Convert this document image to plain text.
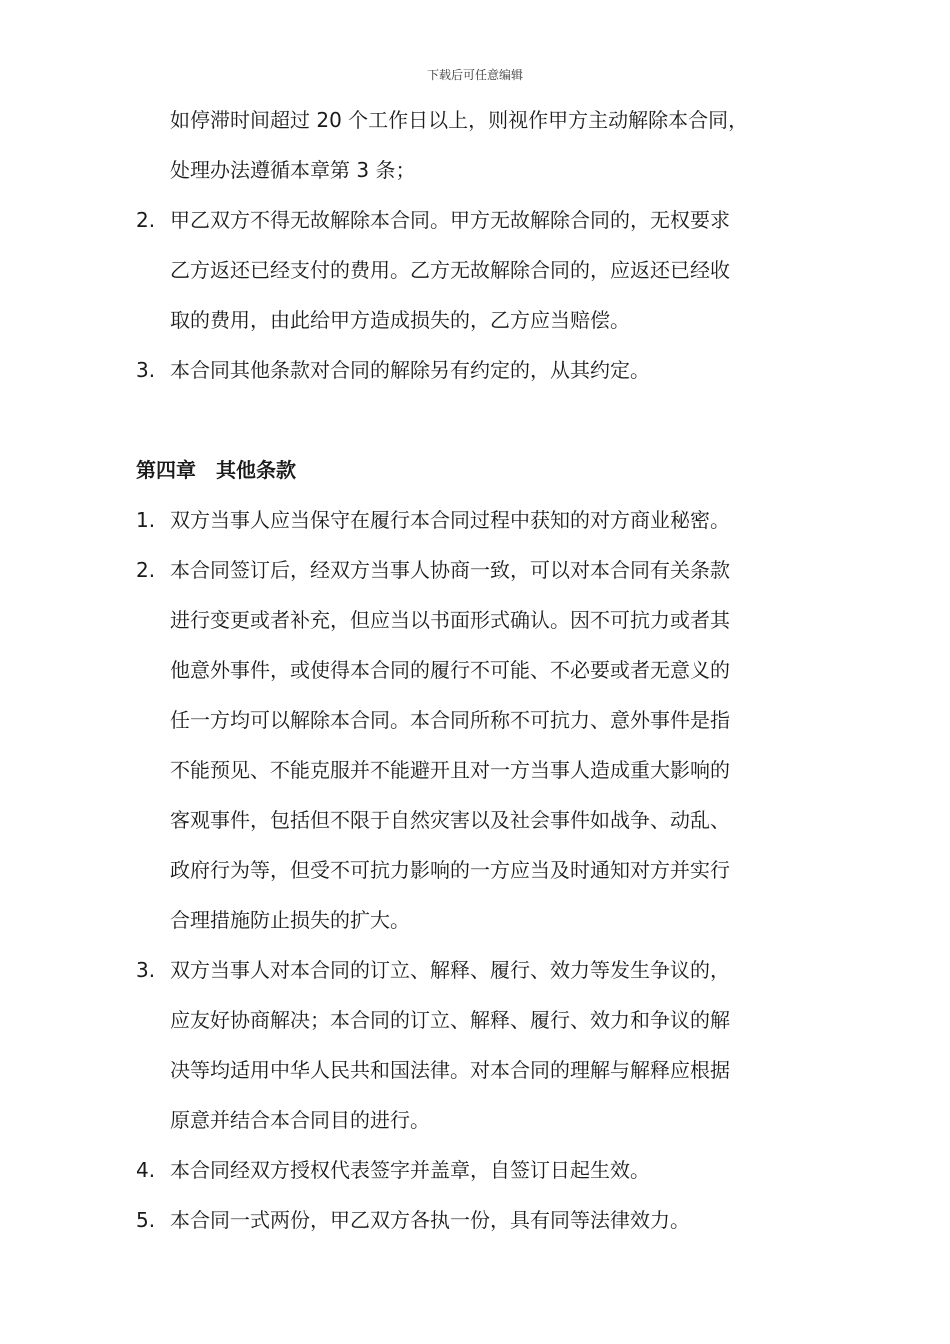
下载后可任意编辑
如停滞时间超过 20 个工作日以上，则视作甲方主动解除本合同，
处理办法遵循本章第 3 条；
2. 甲乙双方不得无故解除本合同。甲方无故解除合同的，无权要求
乙方返还已经支付的费用。乙方无故解除合同的，应返还已经收
取的费用，由此给甲方造成损失的，乙方应当赔偿。
3. 本合同其他条款对合同的解除另有约定的，从其约定。
第四章　其他条款
1. 双方当事人应当保守在履行本合同过程中获知的对方商业秘密。
2. 本合同签订后，经双方当事人协商一致，可以对本合同有关条款
进行变更或者补充，但应当以书面形式确认。因不可抗力或者其
他意外事件，或使得本合同的履行不可能、不必要或者无意义的
任一方均可以解除本合同。本合同所称不可抗力、意外事件是指
不能预见、不能克服并不能避开且对一方当事人造成重大影响的
客观事件，包括但不限于自然灾害以及社会事件如战争、动乱、
政府行为等，但受不可抗力影响的一方应当及时通知对方并实行
合理措施防止损失的扩大。
3. 双方当事人对本合同的订立、解释、履行、效力等发生争议的，
应友好协商解决；本合同的订立、解释、履行、效力和争议的解
决等均适用中华人民共和国法律。对本合同的理解与解释应根据
原意并结合本合同目的进行。
4. 本合同经双方授权代表签字并盖章，自签订日起生效。
5. 本合同一式两份，甲乙双方各执一份，具有同等法律效力。
